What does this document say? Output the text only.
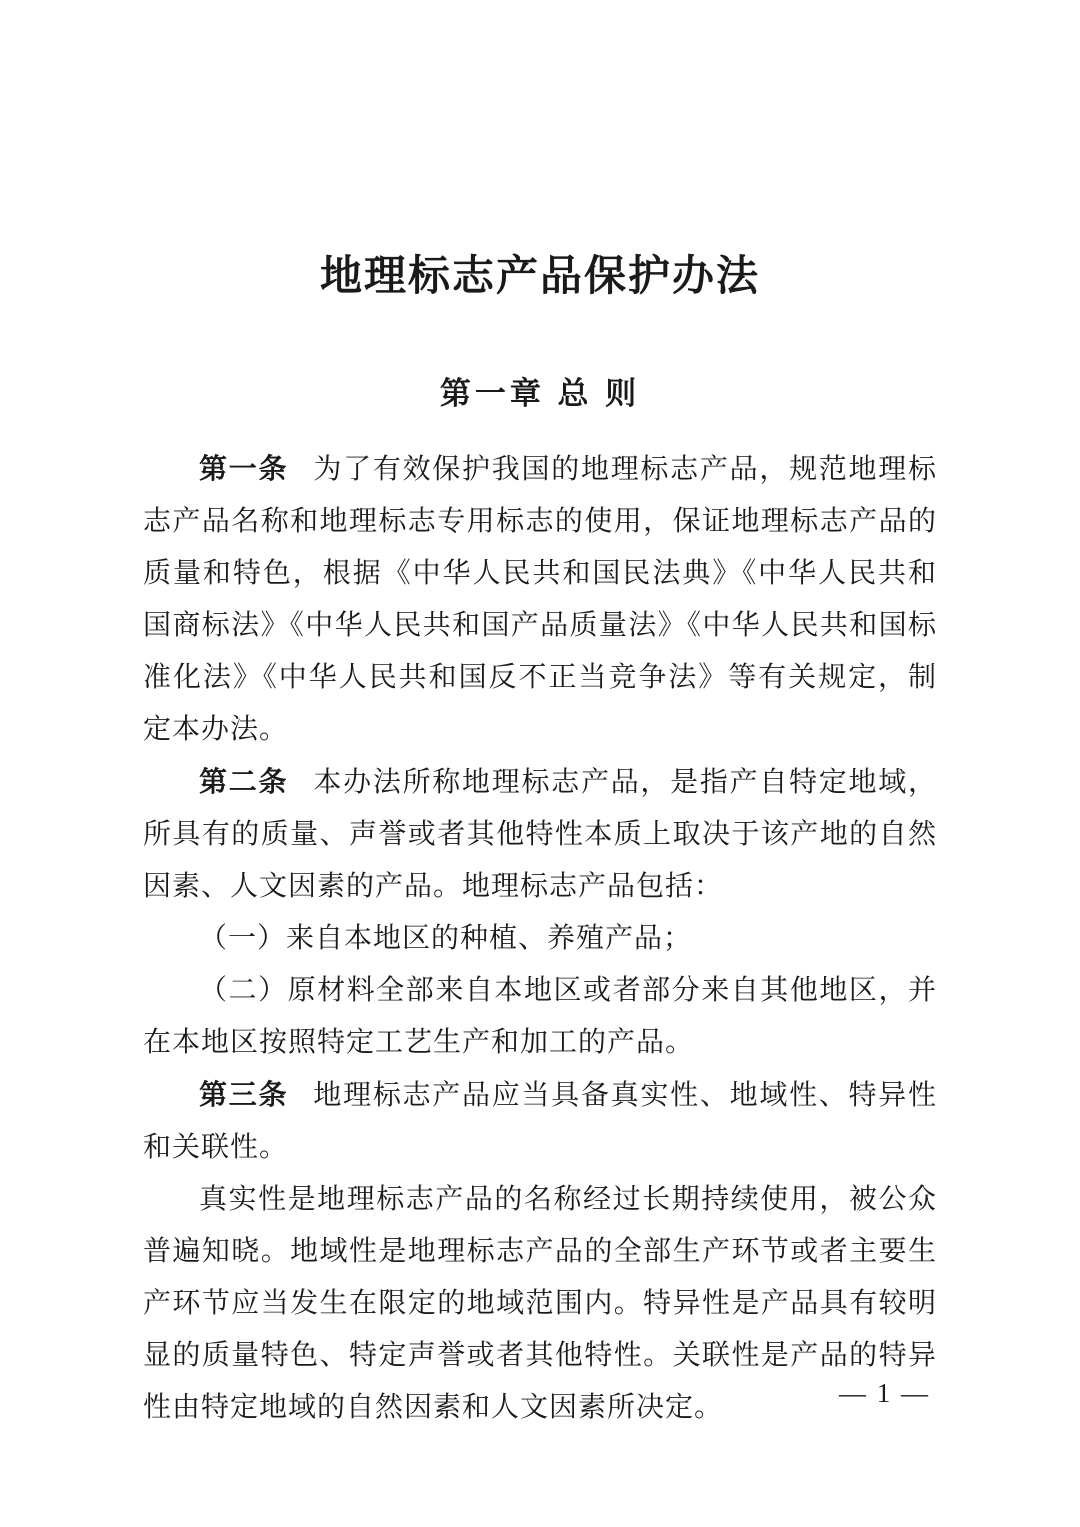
地理标志产品保护办法
第一章 总 则

第一条 为了有效保护我国的地理标志产品，规范地理标志产品名称和地理标志专用标志的使用，保证地理标志产品的质量和特色，根据《中华人民共和国民法典》《中华人民共和国商标法》《中华人民共和国产品质量法》《中华人民共和国标准化法》《中华人民共和国反不正当竞争法》等有关规定，制定本办法。

第二条 本办法所称地理标志产品，是指产自特定地域，所具有的质量、声誉或者其他特性本质上取决于该产地的自然因素、人文因素的产品。地理标志产品包括：

（一）来自本地区的种植、养殖产品；

（二）原材料全部来自本地区或者部分来自其他地区，并在本地区按照特定工艺生产和加工的产品。

第三条 地理标志产品应当具备真实性、地域性、特异性和关联性。

真实性是地理标志产品的名称经过长期持续使用，被公众普遍知晓。地域性是地理标志产品的全部生产环节或者主要生产环节应当发生在限定的地域范围内。特异性是产品具有较明显的质量特色、特定声誉或者其他特性。关联性是产品的特异性由特定地域的自然因素和人文因素所决定。	— 1 —
